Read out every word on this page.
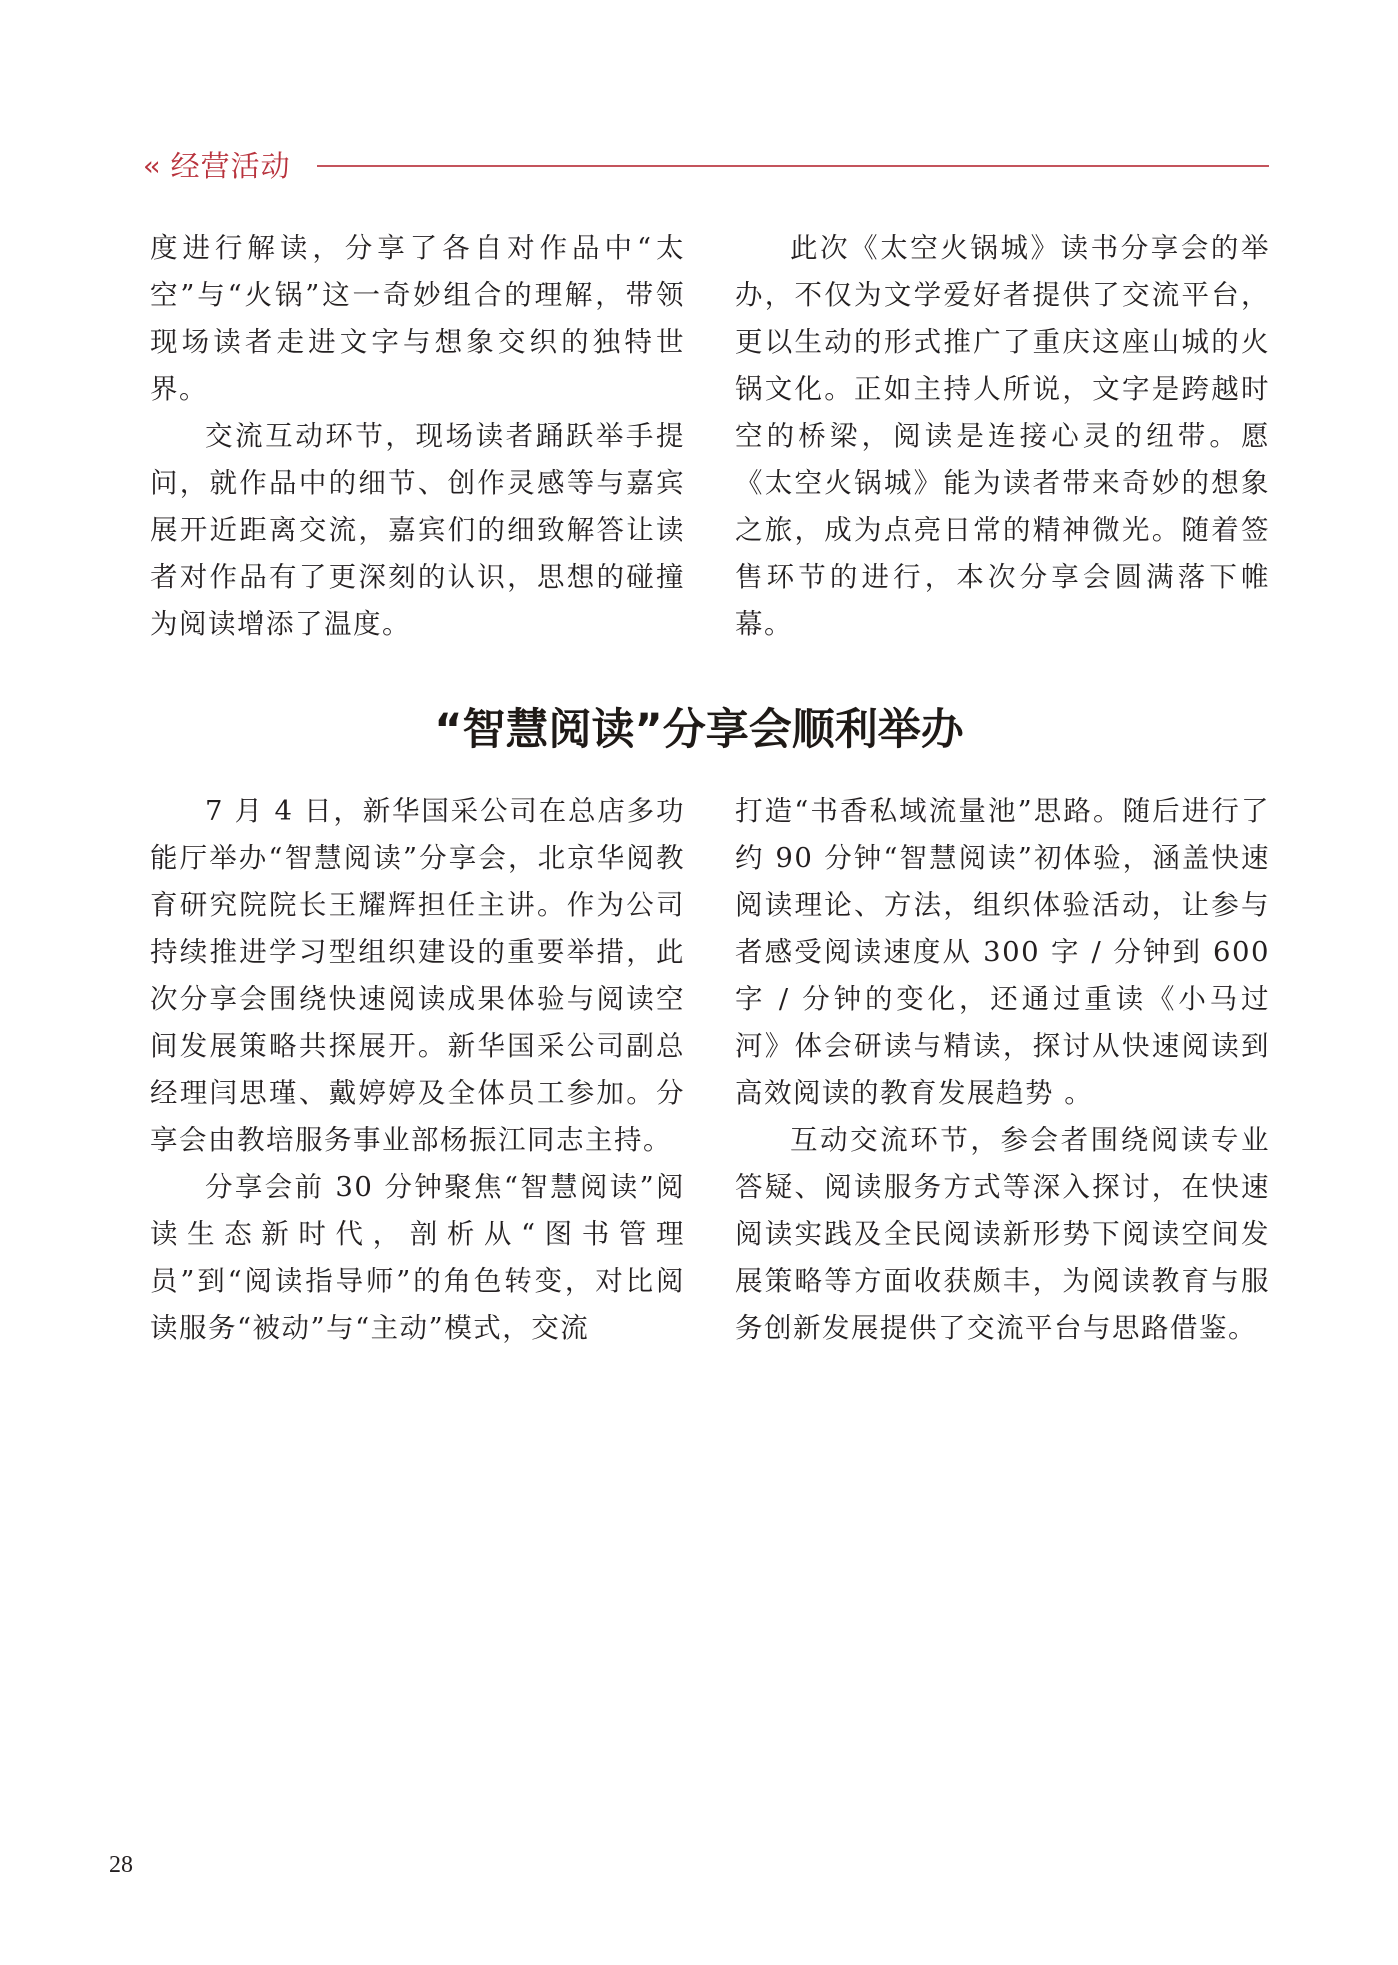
‹‹ 经营活动

度进行解读，分享了各自对作品中“太空”与“火锅”这一奇妙组合的理解，带领现场读者走进文字与想象交织的独特世界。

交流互动环节，现场读者踊跃举手提问，就作品中的细节、创作灵感等与嘉宾展开近距离交流，嘉宾们的细致解答让读者对作品有了更深刻的认识，思想的碰撞为阅读增添了温度。

此次《太空火锅城》读书分享会的举办，不仅为文学爱好者提供了交流平台，更以生动的形式推广了重庆这座山城的火锅文化。正如主持人所说，文字是跨越时空的桥梁，阅读是连接心灵的纽带。愿《太空火锅城》能为读者带来奇妙的想象之旅，成为点亮日常的精神微光。随着签售环节的进行，本次分享会圆满落下帷幕。

“智慧阅读”分享会顺利举办

7 月 4 日，新华国采公司在总店多功能厅举办“智慧阅读”分享会，北京华阅教育研究院院长王耀辉担任主讲。作为公司持续推进学习型组织建设的重要举措，此次分享会围绕快速阅读成果体验与阅读空间发展策略共探展开。新华国采公司副总经理闫思瑾、戴婷婷及全体员工参加。分享会由教培服务事业部杨振江同志主持。

分享会前 30 分钟聚焦“智慧阅读”阅读生态新时代，剖析从“图书管理员”到“阅读指导师”的角色转变，对比阅读服务“被动”与“主动”模式，交流

打造“书香私域流量池”思路。随后进行了约 90 分钟“智慧阅读”初体验，涵盖快速阅读理论、方法，组织体验活动，让参与者感受阅读速度从 300 字 / 分钟到 600 字 / 分钟的变化，还通过重读《小马过河》体会研读与精读，探讨从快速阅读到高效阅读的教育发展趋势 。

互动交流环节，参会者围绕阅读专业答疑、阅读服务方式等深入探讨，在快速阅读实践及全民阅读新形势下阅读空间发展策略等方面收获颇丰，为阅读教育与服务创新发展提供了交流平台与思路借鉴。

28
